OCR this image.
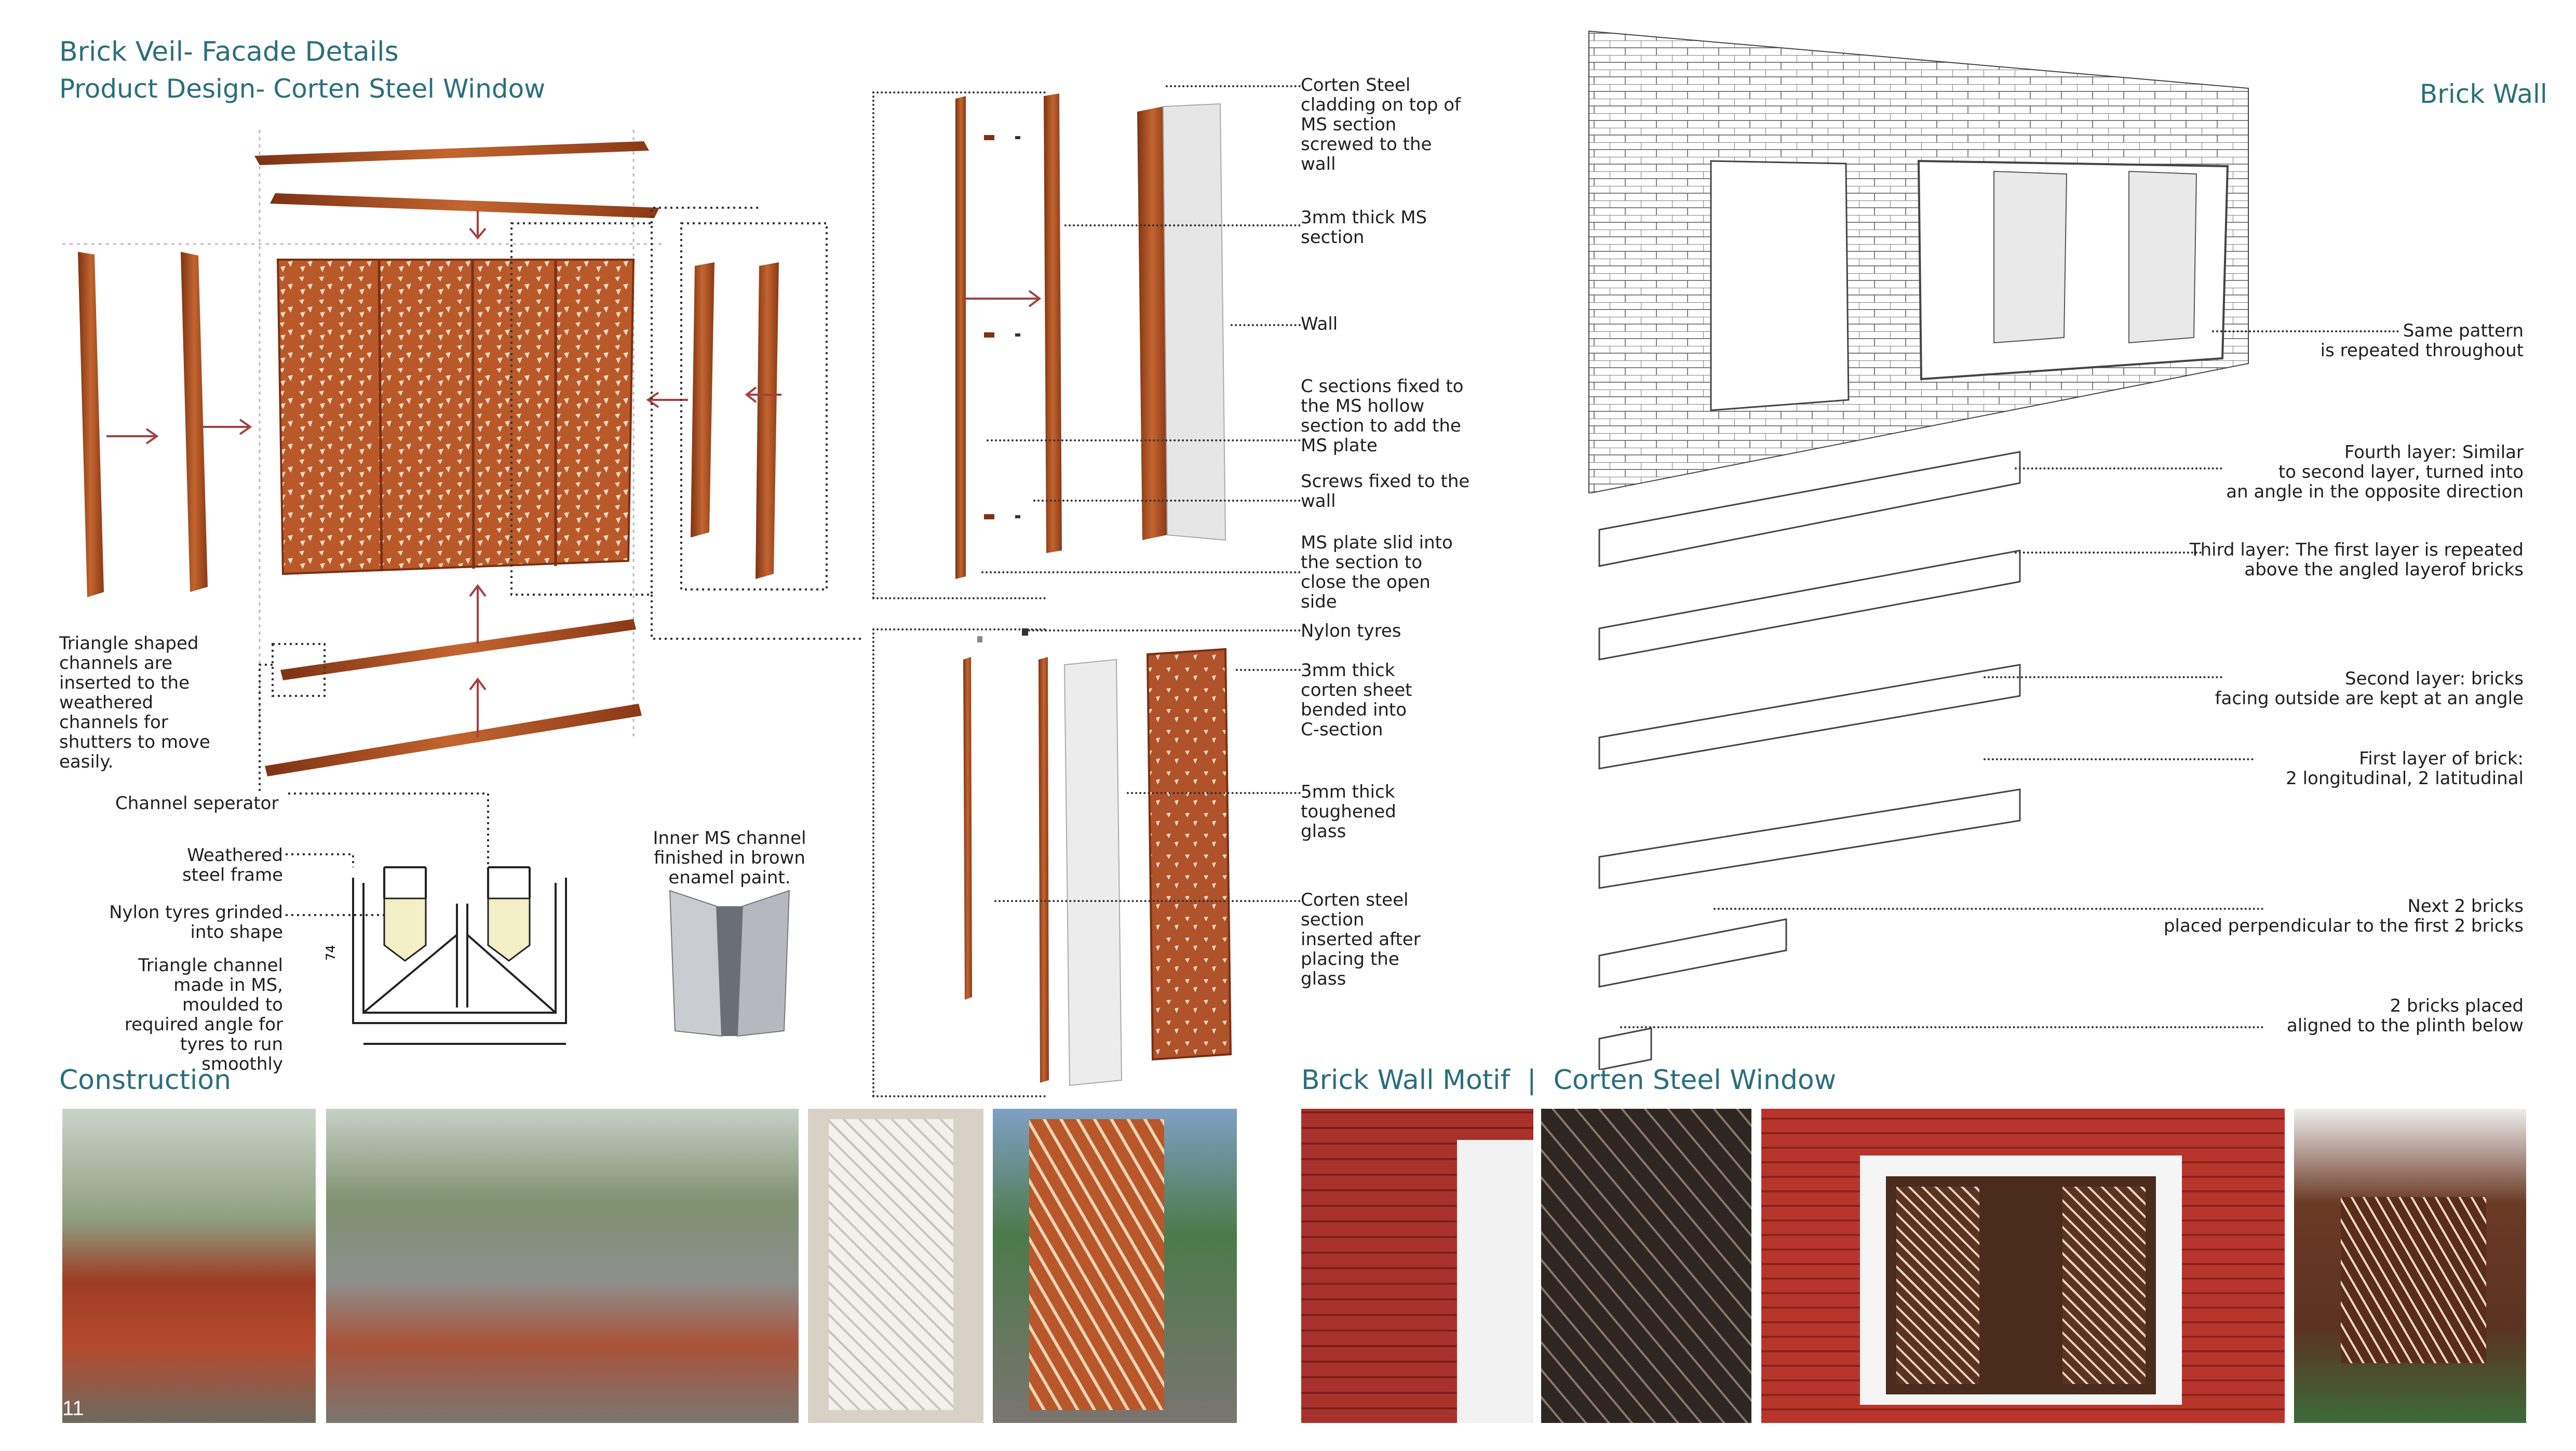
Brick Veil- Facade Details
Product Design- Corten Steel Window	Brick Wall
Triangle shaped
channels are
inserted to the
weathered
channels for
shutters to move
easily.
Channel seperator
Weathered
steel frame
Nylon tyres grinded
into shape
Triangle channel
made in MS,
moulded to
required angle for
tyres to run
smoothly
74
Inner MS channel
finished in brown
enamel paint.
Corten Steel
cladding on top of
MS section
screwed to the
wall
3mm thick MS
section
Wall
C sections fixed to
the MS hollow
section to add the
MS plate
Screws fixed to the
wall
MS plate slid into
the section to
close the open
side
Nylon tyres
3mm thick
corten sheet
bended into
C-section
5mm thick
toughened
glass
Corten steel
section
inserted after
placing the
glass
Same pattern
is repeated throughout
Fourth layer: Similar
to second layer, turned into
an angle in the opposite direction
Third layer: The first layer is repeated
above the angled layerof bricks
Second layer: bricks
facing outside are kept at an angle
First layer of brick:
2 longitudinal, 2 latitudinal
Next 2 bricks
placed perpendicular to the first 2 bricks
2 bricks placed
aligned to the plinth below
Construction	Brick Wall Motif  |  Corten Steel Window
11
